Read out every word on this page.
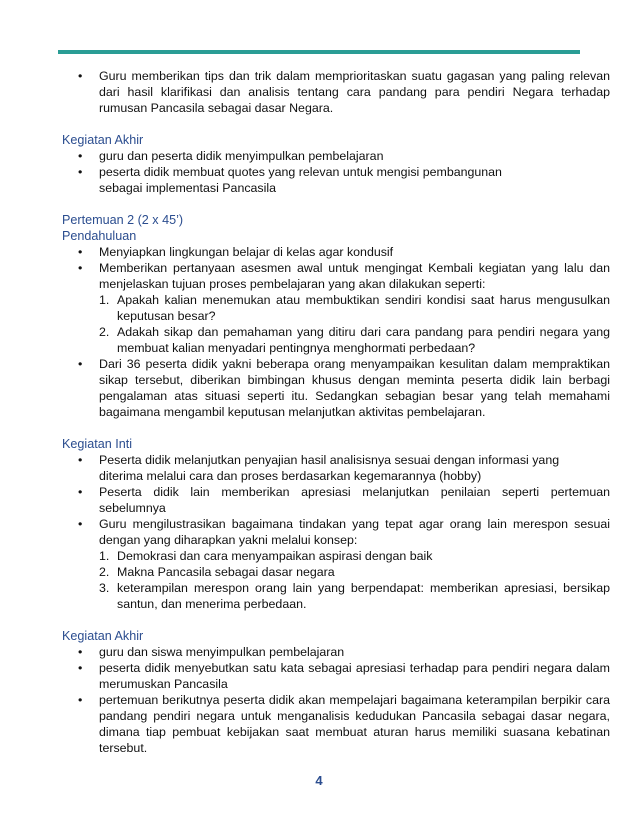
• Guru memberikan tips dan trik dalam memprioritaskan suatu gagasan yang paling relevan dari hasil klarifikasi dan analisis tentang cara pandang para pendiri Negara terhadap rumusan Pancasila sebagai dasar Negara.

Kegiatan Akhir

• guru dan peserta didik menyimpulkan pembelajaran
• peserta didik membuat quotes yang relevan untuk mengisi pembangunan
sebagai implementasi Pancasila

Pertemuan 2 (2 x 45’)

Pendahuluan

• Menyiapkan lingkungan belajar di kelas agar kondusif
• Memberikan pertanyaan asesmen awal untuk mengingat Kembali kegiatan yang lalu dan menjelaskan tujuan proses pembelajaran yang akan dilakukan seperti:
1. Apakah kalian menemukan atau membuktikan sendiri kondisi saat harus mengusulkan keputusan besar?
2. Adakah sikap dan pemahaman yang ditiru dari cara pandang para pendiri negara yang membuat kalian menyadari pentingnya menghormati perbedaan?
• Dari 36 peserta didik yakni beberapa orang menyampaikan kesulitan dalam mempraktikan sikap tersebut, diberikan bimbingan khusus dengan meminta peserta didik lain berbagi pengalaman atas situasi seperti itu. Sedangkan sebagian besar yang telah memahami bagaimana mengambil keputusan melanjutkan aktivitas pembelajaran.

Kegiatan Inti

• Peserta didik melanjutkan penyajian hasil analisisnya sesuai dengan informasi yang
diterima melalui cara dan proses berdasarkan kegemarannya (hobby)
• Peserta didik lain memberikan apresiasi melanjutkan penilaian seperti pertemuan sebelumnya
• Guru mengilustrasikan bagaimana tindakan yang tepat agar orang lain merespon sesuai dengan yang diharapkan yakni melalui konsep:
1. Demokrasi dan cara menyampaikan aspirasi dengan baik
2. Makna Pancasila sebagai dasar negara
3. keterampilan merespon orang lain yang berpendapat: memberikan apresiasi, bersikap santun, dan menerima perbedaan.

Kegiatan Akhir

• guru dan siswa menyimpulkan pembelajaran
• peserta didik menyebutkan satu kata sebagai apresiasi terhadap para pendiri negara dalam merumuskan Pancasila
• pertemuan berikutnya peserta didik akan mempelajari bagaimana keterampilan berpikir cara pandang pendiri negara untuk menganalisis kedudukan Pancasila sebagai dasar negara, dimana tiap pembuat kebijakan saat membuat aturan harus memiliki suasana kebatinan tersebut.
4
